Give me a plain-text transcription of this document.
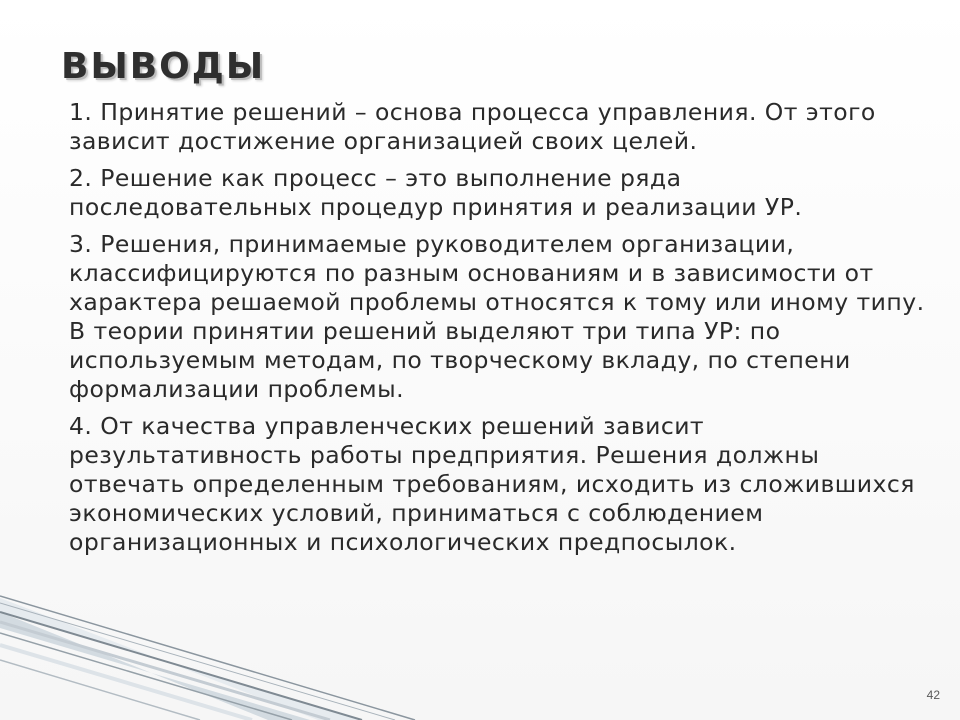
ВЫВОДЫ

1. Принятие решений – основа процесса управления. От этого зависит достижение организацией своих целей.

2. Решение как процесс – это выполнение ряда последовательных процедур принятия и реализации УР.

3. Решения, принимаемые руководителем организации, классифицируются по разным основаниям и в зависимости от характера решаемой проблемы относятся к тому или иному типу. В теории принятии решений выделяют три типа УР: по используемым методам, по творческому вкладу, по степени формализации проблемы.

4. От качества управленческих решений зависит результативность работы предприятия. Решения должны отвечать определенным требованиям, исходить из сложившихся экономических условий, приниматься с соблюдением организационных и психологических предпосылок.

42
